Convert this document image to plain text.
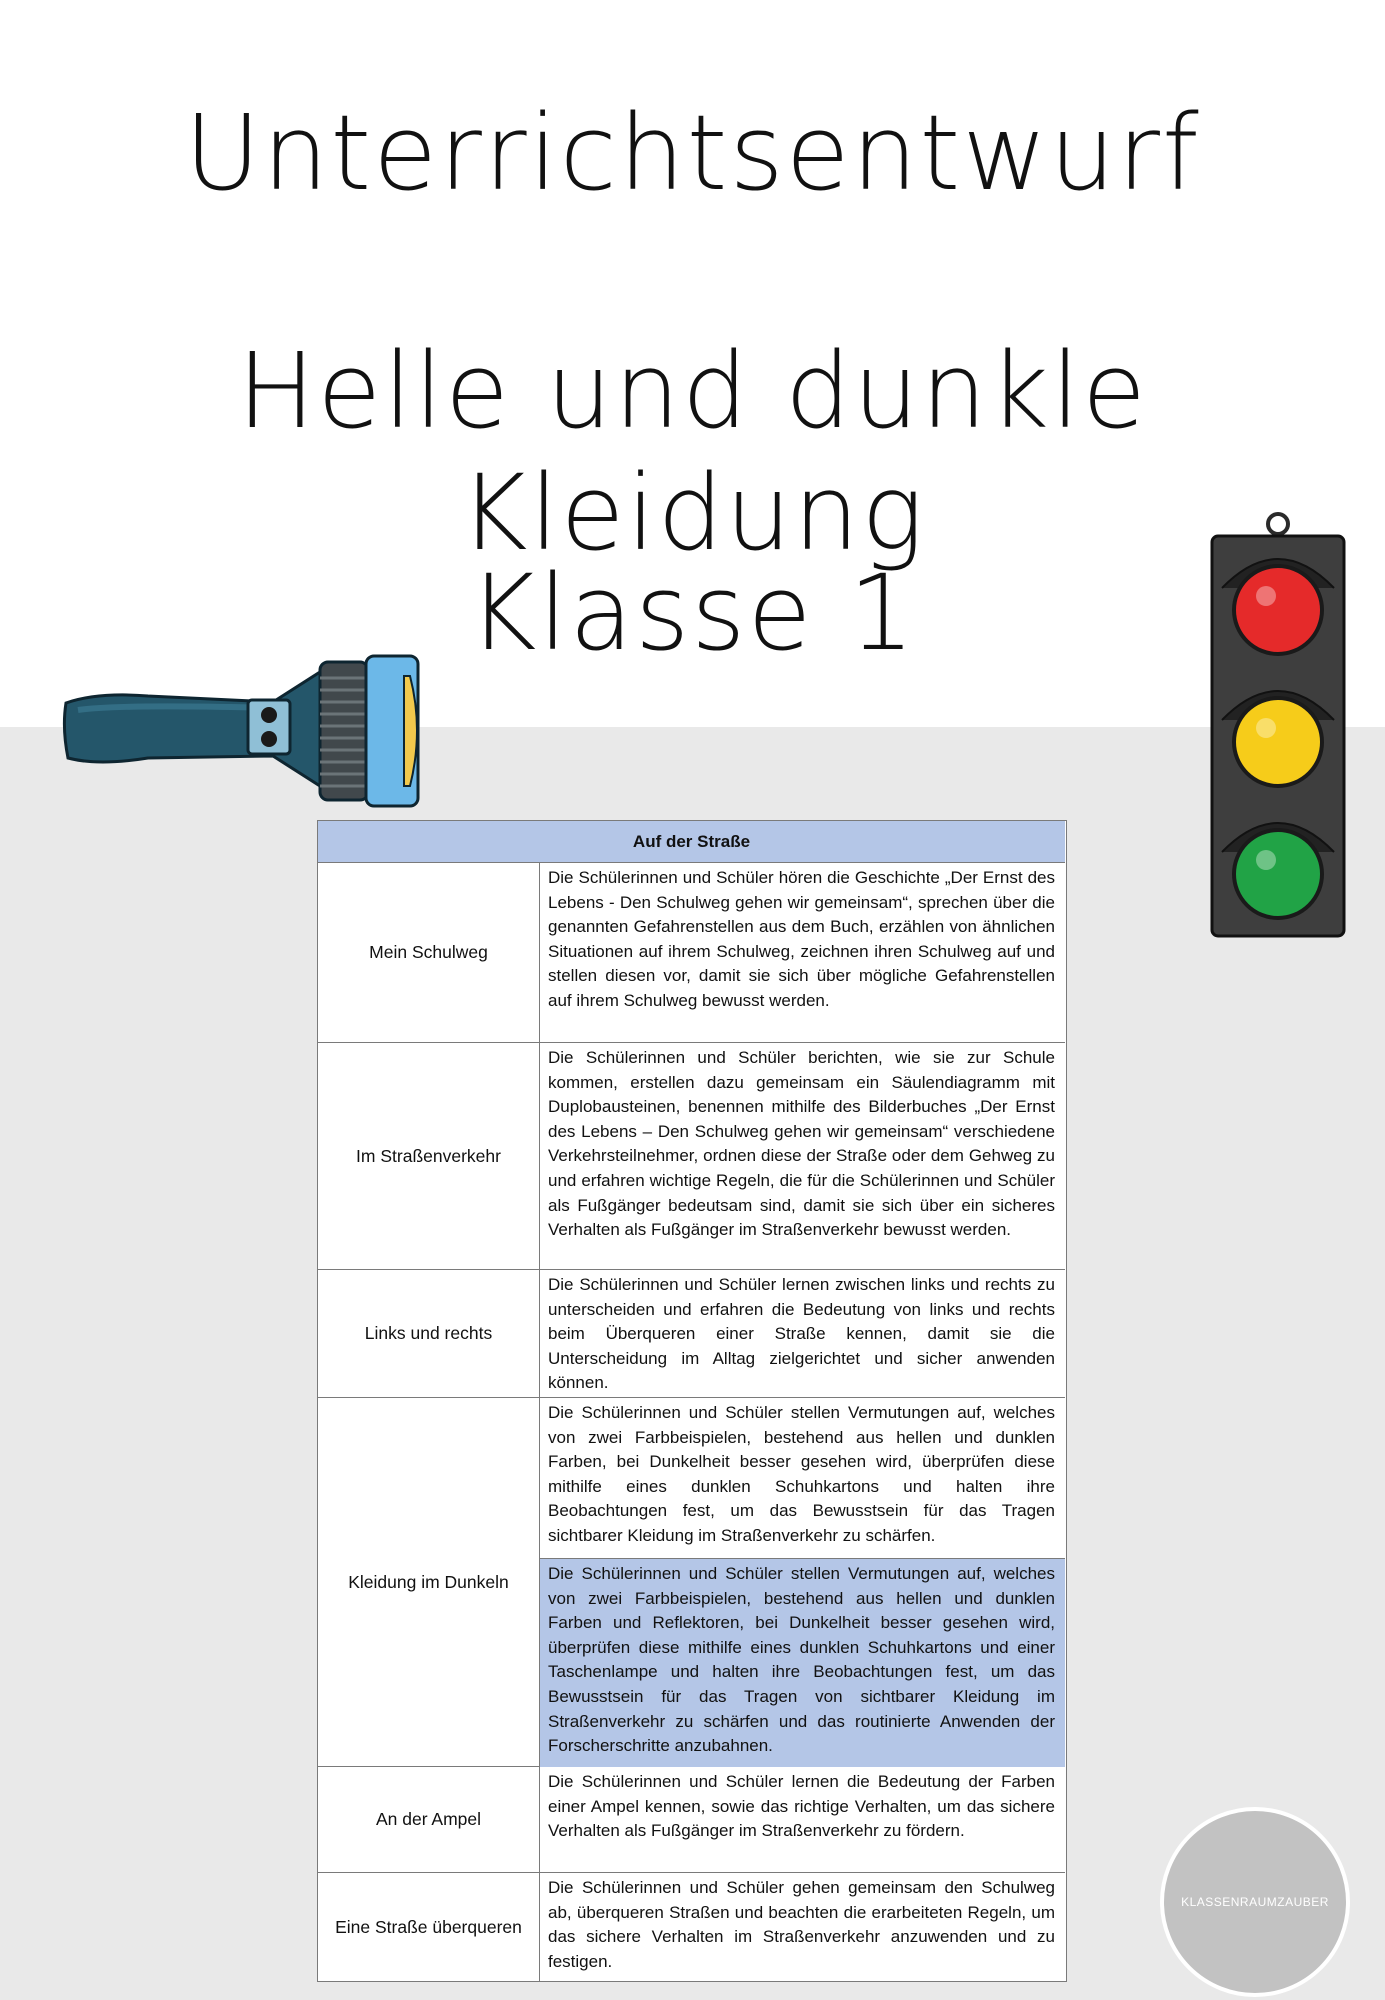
Unterrichtsentwurf
Helle und dunkle Kleidung
Klasse 1
Auf der Straße
Mein Schulweg
Die Schülerinnen und Schüler hören die Geschichte „Der Ernst des Lebens - Den Schulweg gehen wir gemeinsam“, sprechen über die genannten Gefahrenstellen aus dem Buch, erzählen von ähnlichen Situationen auf ihrem Schulweg, zeichnen ihren Schulweg auf und stellen diesen vor, damit sie sich über mögliche Gefahrenstellen auf ihrem Schulweg bewusst werden.
Im Straßenverkehr
Die Schülerinnen und Schüler berichten, wie sie zur Schule kommen, erstellen dazu gemeinsam ein Säulendiagramm mit Duplobausteinen, benennen mithilfe des Bilderbuches „Der Ernst des Lebens – Den Schulweg gehen wir gemeinsam“ verschiedene Verkehrsteilnehmer, ordnen diese der Straße oder dem Gehweg zu und erfahren wichtige Regeln, die für die Schülerinnen und Schüler als Fußgänger bedeutsam sind, damit sie sich über ein sicheres Verhalten als Fußgänger im Straßenverkehr bewusst werden.
Links und rechts
Die Schülerinnen und Schüler lernen zwischen links und rechts zu unterscheiden und erfahren die Bedeutung von links und rechts beim Überqueren einer Straße kennen, damit sie die Unterscheidung im Alltag zielgerichtet und sicher anwenden können.
Kleidung im Dunkeln
Die Schülerinnen und Schüler stellen Vermutungen auf, welches von zwei Farbbeispielen, bestehend aus hellen und dunklen Farben, bei Dunkelheit besser gesehen wird, überprüfen diese mithilfe eines dunklen Schuhkartons und halten ihre Beobachtungen fest, um das Bewusstsein für das Tragen sichtbarer Kleidung im Straßenverkehr zu schärfen.
Die Schülerinnen und Schüler stellen Vermutungen auf, welches von zwei Farbbeispielen, bestehend aus hellen und dunklen Farben und Reflektoren, bei Dunkelheit besser gesehen wird, überprüfen diese mithilfe eines dunklen Schuhkartons und einer Taschenlampe und halten ihre Beobachtungen fest, um das Bewusstsein für das Tragen von sichtbarer Kleidung im Straßenverkehr zu schärfen und das routinierte Anwenden der Forscherschritte anzubahnen.
An der Ampel
Die Schülerinnen und Schüler lernen die Bedeutung der Farben einer Ampel kennen, sowie das richtige Verhalten, um das sichere Verhalten als Fußgänger im Straßenverkehr zu fördern.
Eine Straße überqueren
Die Schülerinnen und Schüler gehen gemeinsam den Schulweg ab, überqueren Straßen und beachten die erarbeiteten Regeln, um das sichere Verhalten im Straßenverkehr anzuwenden und zu festigen.
KLASSENRAUMZAUBER
